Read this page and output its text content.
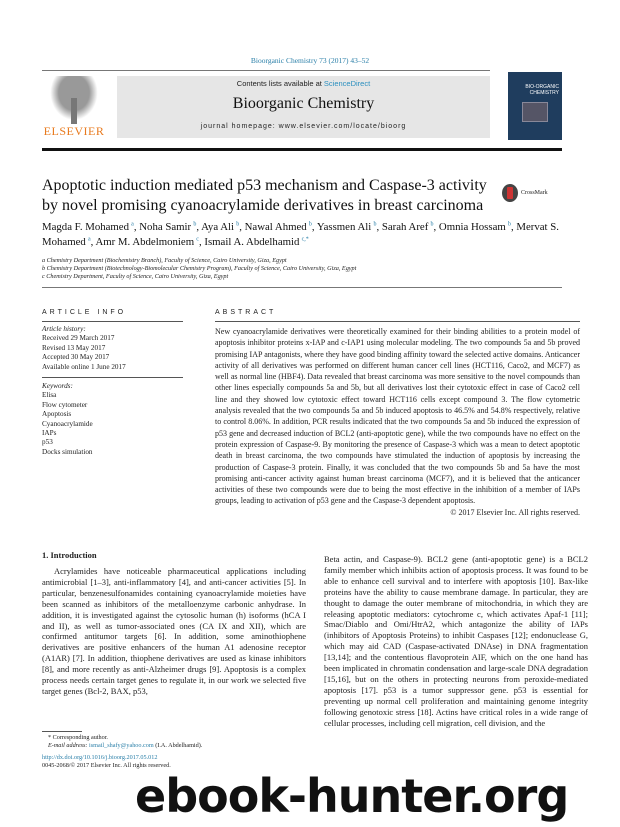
Bioorganic Chemistry 73 (2017) 43–52
ELSEVIER
Contents lists available at ScienceDirect
Bioorganic Chemistry
journal homepage: www.elsevier.com/locate/bioorg
BIO-ORGANIC CHEMISTRY
Apoptotic induction mediated p53 mechanism and Caspase-3 activity by novel promising cyanoacrylamide derivatives in breast carcinoma
CrossMark
Magda F. Mohamed  $^a$, Noha Samir  $^b$, Aya Ali  $^b$, Nawal Ahmed  $^b$, Yassmen Ali  $^b$, Sarah Aref  $^b$, Omnia Hossam  $^b$, Mervat S. Mohamed  $^a$, Amr M. Abdelmoniem  $^c$, Ismail A. Abdelhamid  $^{c,*}$
a Chemistry Department (Biochemistry Branch), Faculty of Science, Cairo University, Giza, Egypt
b Chemistry Department (Biotechnology-Biomolecular Chemistry Program), Faculty of Science, Cairo University, Giza, Egypt
c Chemistry Department, Faculty of Science, Cairo University, Giza, Egypt
ARTICLE INFO	ABSTRACT
Article history:
Received 29 March 2017
Revised 13 May 2017
Accepted 30 May 2017
Available online 1 June 2017
Keywords:
Elisa
Flow cytometer
Apoptosis
Cyanoacrylamide
IAPs
p53
Docks simulation
New cyanoacrylamide derivatives were theoretically examined for their binding abilities to a protein model of apoptosis inhibitor proteins x-IAP and c-IAP1 using molecular modeling. The two compounds 5a and 5b proved promising IAP antagonists, where they have good binding affinity toward the selected active domains. Anticancer activity of all derivatives was performed on different human cancer cell lines (HCT116, Caco2, and MCF7) as well as normal line (HBF4). Data revealed that breast carcinoma was more sensitive to the novel compounds than other lines especially compounds 5a and 5b, but all derivatives lost their cytotoxic effect in case of Caco2 cell line and they showed low cytotoxic effect toward HCT116 cells except compound 3. The flow cytometric analysis revealed that the two compounds 5a and 5b induced apoptosis to 46.5% and 54.8% respectively, relative to control 8.06%. In addition, PCR results indicated that the two compounds 5a and 5b induced the expression of p53 gene and decreased induction of BCL2 (anti-apoptotic gene), while the two compounds have no effect on the protein expression of Caspase-9. By monitoring the presence of Caspase-3 which was a mean to detect apoptotic death in breast carcinoma, the two compounds have stimulated the induction of apoptosis by increasing the production of Caspase-3 protein. Finally, it was concluded that the two compounds 5b and 5a have the most promising anti-cancer activity against human breast carcinoma (MCF7), and it is believed that the anticancer activities of these two compounds were due to being the most effective in the inhibition of a member of IAPs groups, leading to activation of p53 gene and the Caspase-3 dependent apoptosis.
© 2017 Elsevier Inc. All rights reserved.
1. Introduction
Acrylamides have noticeable pharmaceutical applications including antimicrobial [1–3], anti-inflammatory [4], and anti-cancer activities [5]. In particular, benzenesulfonamides containing cyanoacrylamide moieties have been scanned as inhibitors of the metalloenzyme carbonic anhydrase. In addition, it is investigated against the cytosolic human (h) isoforms (hCA I and II), as well as tumor-associated ones (CA IX and XII), which are confirmed antitumor targets [6]. In addition, some aminothiophene derivatives are positive enhancers of the human A1 adenosine receptor (A1AR) [7]. In addition, thiophene derivatives are used as kinase inhibitors [8], and more recently as anti-Alzheimer drugs [9]. Apoptosis is a complex process needs certain target genes to regulate it, in our work we selected five target genes (Bcl-2, BAX, p53,
Beta actin, and Caspase-9). BCL2 gene (anti-apoptotic gene) is a BCL2 family member which inhibits action of apoptosis process. It was found to be able to enhance cell survival and to interfere with apoptosis [10]. Bax-like proteins have the ability to cause membrane damage. In particular, they are thought to damage the outer membrane of mitochondria, in which they are releasing apoptotic mediators: cytochrome c, which activates Apaf-1 [11]; Smac/Diablo and Omi/HtrA2, which antagonize the ability of IAPs (inhibitors of Apoptosis Proteins) to inhibit Caspases [12]; endonuclease G, which may aid CAD (Caspase-activated DNAse) in DNA fragmentation [13,14]; and the contentious flavoprotein AIF, which on the one hand has been implicated in chromatin condensation and large-scale DNA degradation [15,16], but on the others in protecting neurons from peroxide-mediated apoptosis [17]. p53 is a tumor suppressor gene. p53 is essential for preventing up normal cell proliferation and maintaining genome integrity following genotoxic stress [18]. Actins have critical roles in a wide range of cellular processes, including cell migration, cell division, and the
* Corresponding author.
E-mail address: ismail_shafy@yahoo.com (I.A. Abdelhamid).
http://dx.doi.org/10.1016/j.bioorg.2017.05.012
0045-2068/© 2017 Elsevier Inc. All rights reserved.
ebook-hunter.org
